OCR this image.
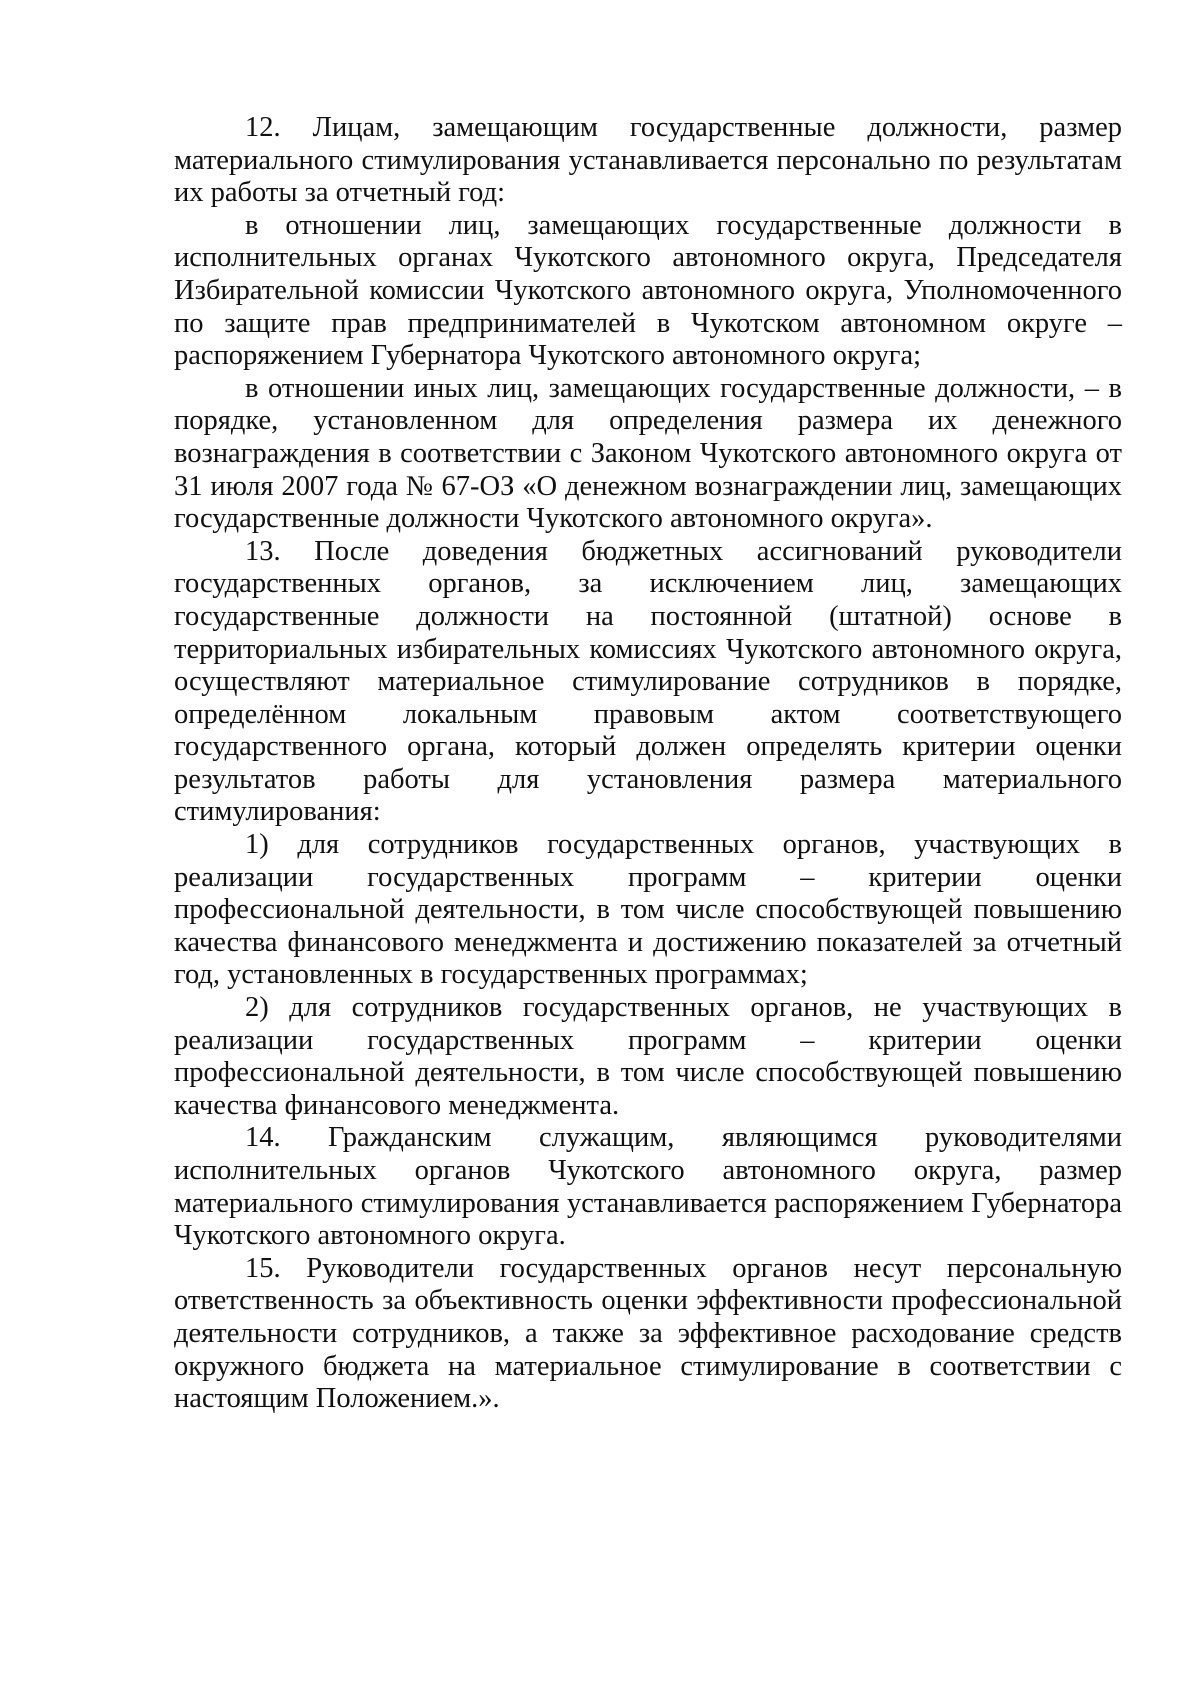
12. Лицам, замещающим государственные должности, размер материального стимулирования устанавливается персонально по результатам их работы за отчетный год:

в отношении лиц, замещающих государственные должности в исполнительных органах Чукотского автономного округа, Председателя Избирательной комиссии Чукотского автономного округа, Уполномоченного по защите прав предпринимателей в Чукотском автономном округе – распоряжением Губернатора Чукотского автономного округа;

в отношении иных лиц, замещающих государственные должности, – в порядке, установленном для определения размера их денежного вознаграждения в соответствии с Законом Чукотского автономного округа от 31 июля 2007 года № 67-ОЗ «О денежном вознаграждении лиц, замещающих государственные должности Чукотского автономного округа».

13. После доведения бюджетных ассигнований руководители государственных органов, за исключением лиц, замещающих государственные должности на постоянной (штатной) основе в территориальных избирательных комиссиях Чукотского автономного округа, осуществляют материальное стимулирование сотрудников в порядке, определённом локальным правовым актом соответствующего государственного органа, который должен определять критерии оценки результатов работы для установления размера материального стимулирования:

1) для сотрудников государственных органов, участвующих в реализации государственных программ – критерии оценки профессиональной деятельности, в том числе способствующей повышению качества финансового менеджмента и достижению показателей за отчетный год, установленных в государственных программах;

2) для сотрудников государственных органов, не участвующих в реализации государственных программ – критерии оценки профессиональной деятельности, в том числе способствующей повышению качества финансового менеджмента.

14. Гражданским служащим, являющимся руководителями исполнительных органов Чукотского автономного округа, размер материального стимулирования устанавливается распоряжением Губернатора Чукотского автономного округа.

15. Руководители государственных органов несут персональную ответственность за объективность оценки эффективности профессиональной деятельности сотрудников, а также за эффективное расходование средств окружного бюджета на материальное стимулирование в соответствии с настоящим Положением.».
